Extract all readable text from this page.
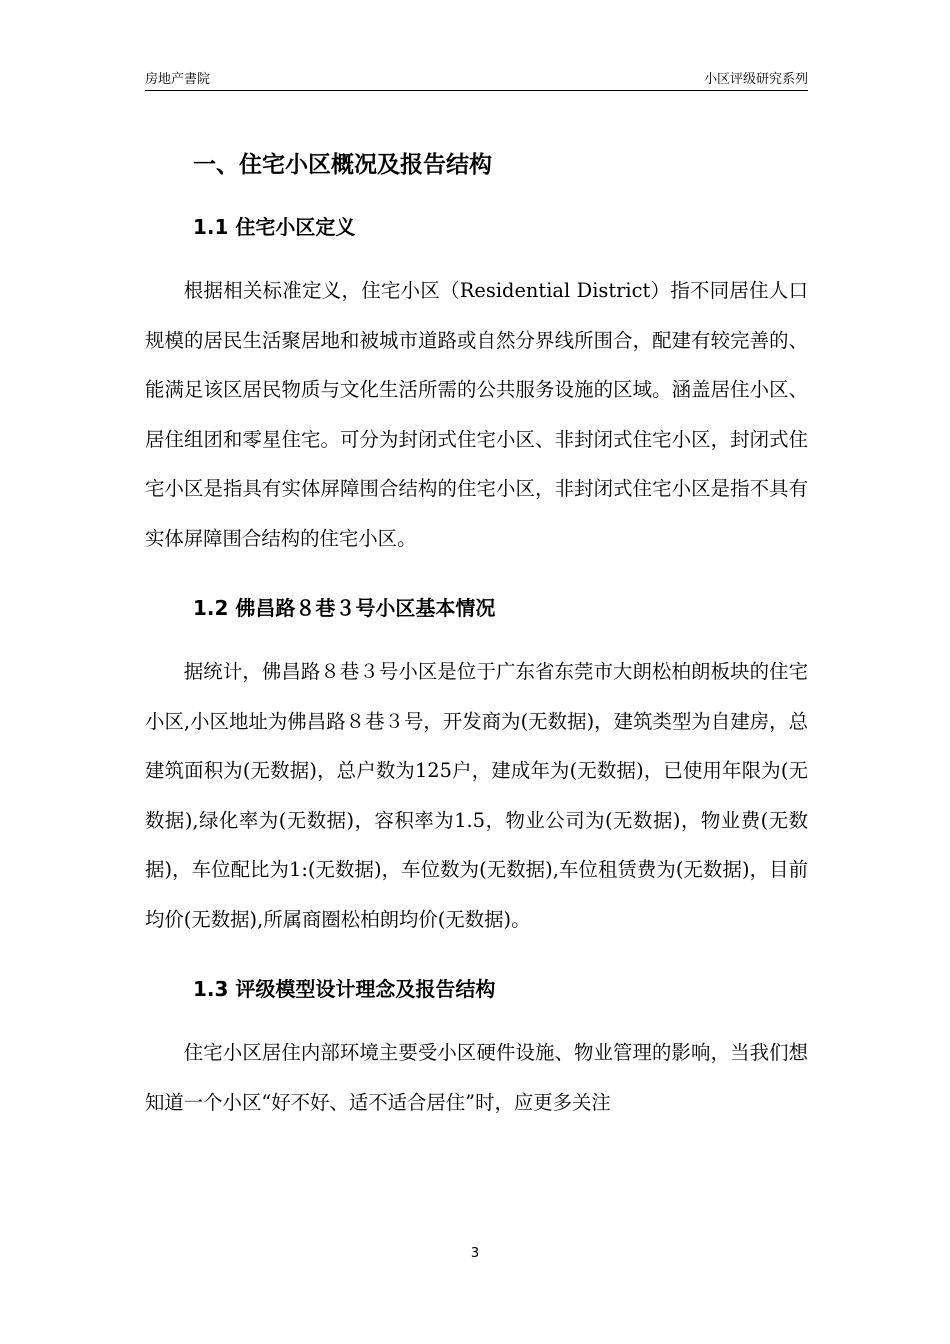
房地产書院	小区评级研究系列
一、住宅小区概况及报告结构
1.1 住宅小区定义

根据相关标准定义，住宅小区（Residential District）指不同居住人口规模的居民生活聚居地和被城市道路或自然分界线所围合，配建有较完善的、能满足该区居民物质与文化生活所需的公共服务设施的区域。涵盖居住小区、居住组团和零星住宅。可分为封闭式住宅小区、非封闭式住宅小区，封闭式住宅小区是指具有实体屏障围合结构的住宅小区，非封闭式住宅小区是指不具有实体屏障围合结构的住宅小区。

1.2 佛昌路８巷３号小区基本情况

据统计，佛昌路８巷３号小区是位于广东省东莞市大朗松柏朗板块的住宅小区,小区地址为佛昌路８巷３号，开发商为(无数据)，建筑类型为自建房，总建筑面积为(无数据)，总户数为125户，建成年为(无数据)，已使用年限为(无数据),绿化率为(无数据)，容积率为1.5，物业公司为(无数据)，物业费(无数据)，车位配比为1:(无数据)，车位数为(无数据),车位租赁费为(无数据)，目前均价(无数据),所属商圈松柏朗均价(无数据)。

1.3 评级模型设计理念及报告结构

住宅小区居住内部环境主要受小区硬件设施、物业管理的影响，当我们想知道一个小区“好不好、适不适合居住”时，应更多关注

3
